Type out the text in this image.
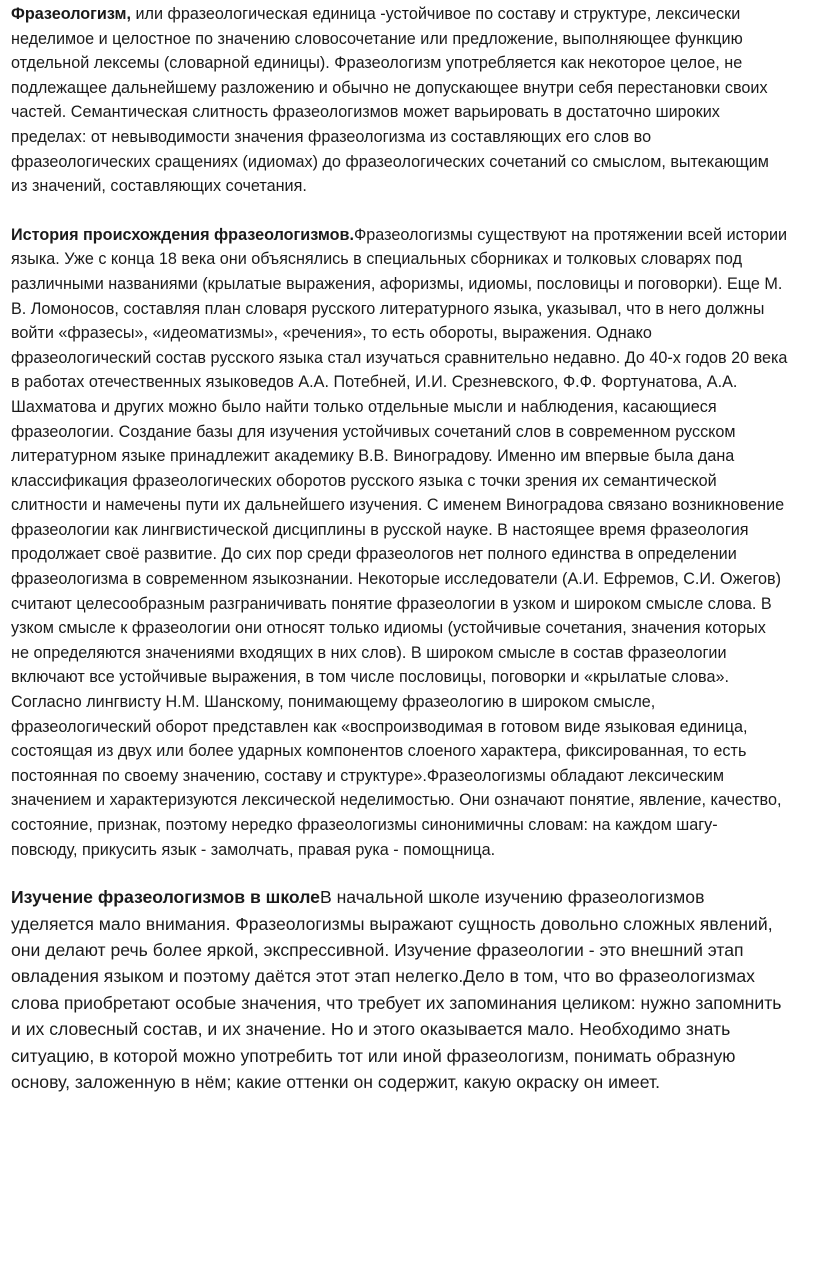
Фразеологизм, или фразеологическая единица -устойчивое по составу и структуре, лексически неделимое и целостное по значению словосочетание или предложение, выполняющее функцию отдельной лексемы (словарной единицы). Фразеологизм употребляется как некоторое целое, не подлежащее дальнейшему разложению и обычно не допускающее внутри себя перестановки своих частей. Семантическая слитность фразеологизмов может варьировать в достаточно широких пределах: от невыводимости значения фразеологизма из составляющих его слов во фразеологических сращениях (идиомах) до фразеологических сочетаний со смыслом, вытекающим из значений, составляющих сочетания.

История происхождения фразеологизмов.Фразеологизмы существуют на протяжении всей истории языка. Уже с конца 18 века они объяснялись в специальных сборниках и толковых словарях под различными названиями (крылатые выражения, афоризмы, идиомы, пословицы и поговорки). Еще М. В. Ломоносов, составляя план словаря русского литературного языка, указывал, что в него должны войти «фразесы», «идеоматизмы», «речения», то есть обороты, выражения. Однако фразеологический состав русского языка стал изучаться сравнительно недавно. До 40-х годов 20 века в работах отечественных языковедов А.А. Потебней, И.И. Срезневского, Ф.Ф. Фортунатова, А.А. Шахматова и других можно было найти только отдельные мысли и наблюдения, касающиеся фразеологии. Создание базы для изучения устойчивых сочетаний слов в современном русском литературном языке принадлежит академику В.В. Виноградову. Именно им впервые была дана классификация фразеологических оборотов русского языка с точки зрения их семантической слитности и намечены пути их дальнейшего изучения. С именем Виноградова связано возникновение фразеологии как лингвистической дисциплины в русской науке. В настоящее время фразеология продолжает своё развитие. До сих пор среди фразеологов нет полного единства в определении фразеологизма в современном языкознании. Некоторые исследователи (А.И. Ефремов, С.И. Ожегов) считают целесообразным разграничивать понятие фразеологии в узком и широком смысле слова. В узком смысле к фразеологии они относят только идиомы (устойчивые сочетания, значения которых не определяются значениями входящих в них слов). В широком смысле в состав фразеологии включают все устойчивые выражения, в том числе пословицы, поговорки и «крылатые слова». Согласно лингвисту Н.М. Шанскому, понимающему фразеологию в широком смысле, фразеологический оборот представлен как «воспроизводимая в готовом виде языковая единица, состоящая из двух или более ударных компонентов слоеного характера, фиксированная, то есть постоянная по своему значению, составу и структуре».Фразеологизмы обладают лексическим значением и характеризуются лексической неделимостью. Они означают понятие, явление, качество, состояние, признак, поэтому нередко фразеологизмы синонимичны словам: на каждом шагу- повсюду, прикусить язык - замолчать, правая рука - помощница.

Изучение фразеологизмов в школеВ начальной школе изучению фразеологизмов уделяется мало внимания. Фразеологизмы выражают сущность довольно сложных явлений, они делают речь более яркой, экспрессивной. Изучение фразеологии - это внешний этап овладения языком и поэтому даётся этот этап нелегко.Дело в том, что во фразеологизмах слова приобретают особые значения, что требует их запоминания целиком: нужно запомнить и их словесный состав, и их значение. Но и этого оказывается мало. Необходимо знать ситуацию, в которой можно употребить тот или иной фразеологизм, понимать образную основу, заложенную в нём; какие оттенки он содержит, какую окраску он имеет.
